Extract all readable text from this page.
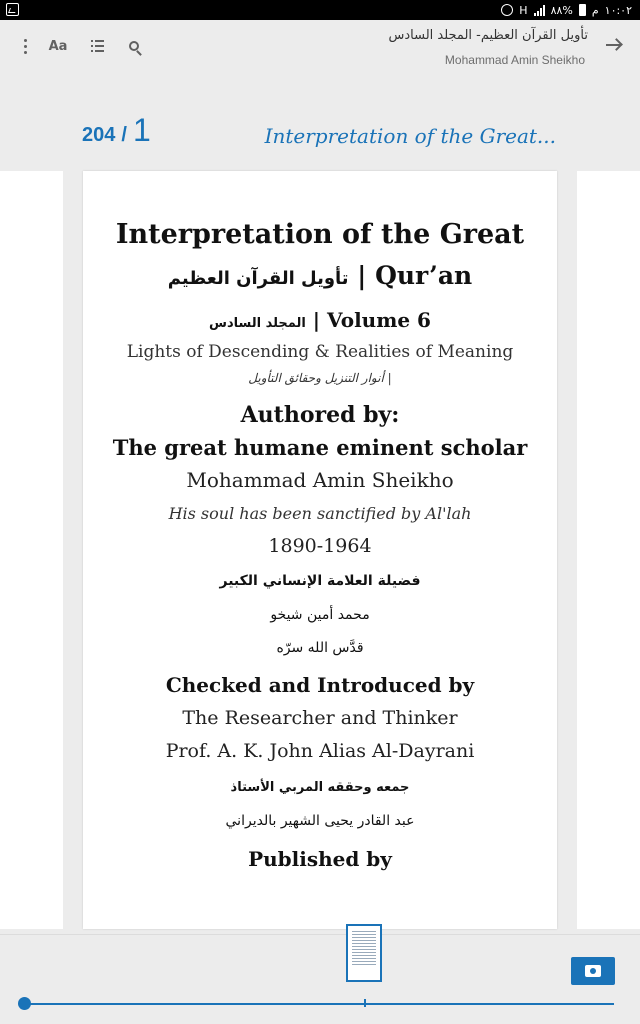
H ٨٨% م ١٠:٠٢
Aa
تأويل القرآن العظيم- المجلد السادس
Mohammad Amin Sheikho
204 / 1	Interpretation of the Great...
Interpretation of the Great
تأويل القرآن العظيم | Qur’an
المجلد السادس | Volume 6
Lights of Descending & Realities of Meaning
أنوار التنزيل وحقائق التأويل |
Authored by:
The great humane eminent scholar
Mohammad Amin Sheikho
His soul has been sanctified by Al'lah
1890-1964
فضيلة العلامة الإنساني الكبير
محمد أمين شيخو
قدَّس الله سرّه
Checked and Introduced by
The Researcher and Thinker
Prof. A. K. John Alias Al-Dayrani
جمعه وحققه المربي الأستاذ
عبد القادر يحيى الشهير بالديراني
Published by
